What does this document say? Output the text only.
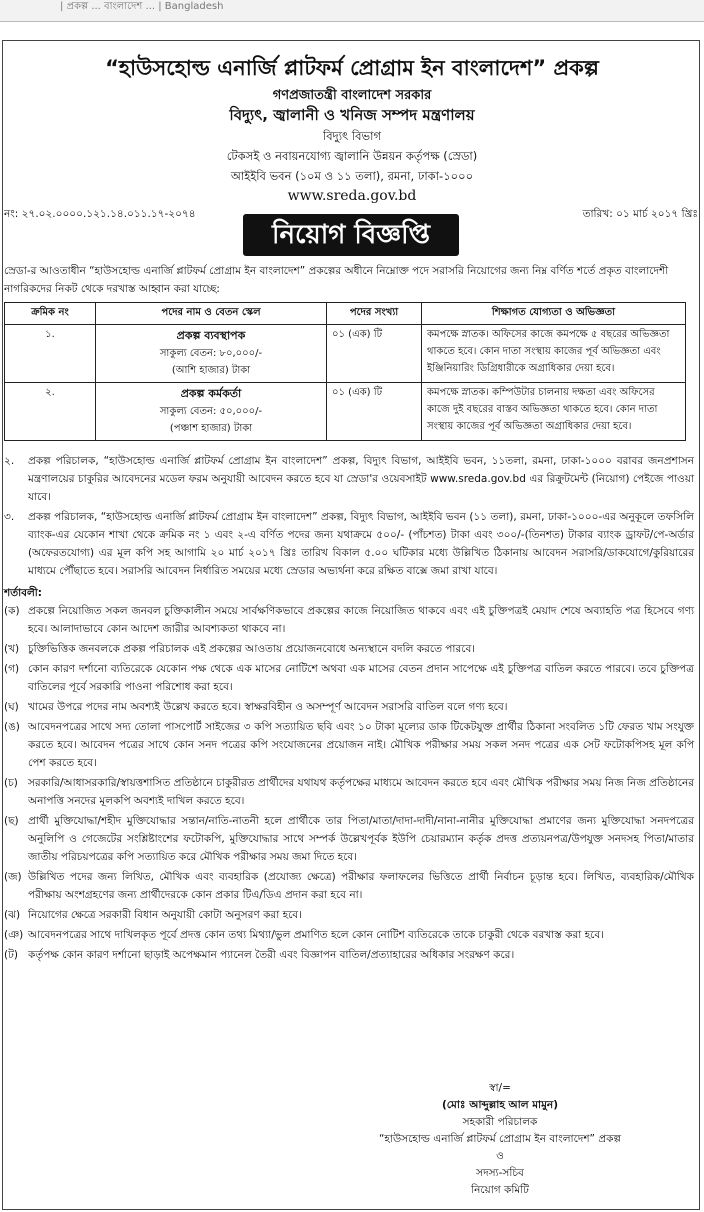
| প্রকল্প ... বাংলাদেশ ... | Bangladesh
“হাউসহোল্ড এনার্জি প্লাটফর্ম প্রোগ্রাম ইন বাংলাদেশ” প্রকল্প
গণপ্রজাতন্ত্রী বাংলাদেশ সরকার
বিদ্যুৎ, জ্বালানী ও খনিজ সম্পদ মন্ত্রণালয়
বিদ্যুৎ বিভাগ
টেকসই ও নবায়নযোগ্য জ্বালানি উন্নয়ন কর্তৃপক্ষ (স্রেডা)
আইইবি ভবন (১০ম ও ১১ তলা), রমনা, ঢাকা-১০০০
www.sreda.gov.bd
নং: ২৭.০২.০০০০.১২১.১৪.০১১.১৭-২০৭৪	তারিখ: ০১ মার্চ ২০১৭ খ্রিঃ
নিয়োগ বিজ্ঞপ্তি
স্রেডা-র আওতাধীন “হাউসহোল্ড এনার্জি প্লাটফর্ম প্রোগ্রাম ইন বাংলাদেশ” প্রকল্পের অধীনে নিম্নোক্ত পদে সরাসরি নিয়োগের জন্য নিম্ন বর্ণিত শর্তে প্রকৃত বাংলাদেশী নাগরিকদের নিকট থেকে দরখাস্ত আহ্বান করা যাচ্ছে:
ক্রমিক নং	পদের নাম ও বেতন স্কেল	পদের সংখ্যা	শিক্ষাগত যোগ্যতা ও অভিজ্ঞতা
১.	প্রকল্প ব্যবস্থাপক
সাকুল্য বেতন: ৮০,০০০/-
(আশি হাজার) টাকা	০১ (এক) টি	কমপক্ষে স্নাতক। অফিসের কাজে কমপক্ষে ৫ বছরের অভিজ্ঞতা থাকতে হবে। কোন দাতা সংস্থায় কাজের পূর্ব অভিজ্ঞতা এবং ইঞ্জিনিয়ারিং ডিগ্রিধারীকে অগ্রাধিকার দেয়া হবে।
২.	প্রকল্প কর্মকর্তা
সাকুল্য বেতন: ৫০,০০০/-
(পঞ্চাশ হাজার) টাকা	০১ (এক) টি	কমপক্ষে স্নাতক। কম্পিউটার চালনায় দক্ষতা এবং অফিসের কাজে দুই বছরের বাস্তব অভিজ্ঞতা থাকতে হবে। কোন দাতা সংস্থায় কাজের পূর্ব অভিজ্ঞতা অগ্রাধিকার দেয়া হবে।
২.	প্রকল্প পরিচালক, “হাউসহোল্ড এনার্জি প্লাটফর্ম প্রোগ্রাম ইন বাংলাদেশ” প্রকল্প, বিদ্যুৎ বিভাগ, আইইবি ভবন, ১১তলা, রমনা, ঢাকা-১০০০ বরাবর জনপ্রশাসন মন্ত্রণালয়ের চাকুরির আবেদনের মডেল ফরম অনুযায়ী আবেদন করতে হবে যা স্রেডা'র ওয়েবসাইট www.sreda.gov.bd এর রিক্রুটমেন্ট (নিয়োগ) পেইজে পাওয়া যাবে।
৩.	প্রকল্প পরিচালক, “হাউসহোল্ড এনার্জি প্লাটফর্ম প্রোগ্রাম ইন বাংলাদেশ” প্রকল্প, বিদ্যুৎ বিভাগ, আইইবি ভবন (১১ তলা), রমনা, ঢাকা-১০০০-এর অনুকূলে তফসিলি ব্যাংক-এর যেকোন শাখা থেকে ক্রমিক নং ১ এবং ২-এ বর্ণিত পদের জন্য যথাক্রমে ৫০০/- (পাঁচশত) টাকা এবং ৩০০/-(তিনশত) টাকার ব্যাংক ড্রাফট/পে-অর্ডার (অফেরতযোগ্য) এর মূল কপি সহ আগামি ২০ মার্চ ২০১৭ খ্রিঃ তারিখ বিকাল ৫.০০ ঘটিকার মধ্যে উল্লিখিত ঠিকানায় আবেদন সরাসরি/ডাকযোগে/কুরিয়ারের মাধ্যমে পৌঁছাতে হবে। সরাসরি আবেদন নির্ধারিত সময়ের মধ্যে স্রেডার অভ্যর্থনা করে রক্ষিত বাক্সে জমা রাখা যাবে।
শর্তাবলী:
(ক) প্রকল্পে নিয়োজিত সকল জনবল চুক্তিকালীন সময়ে সার্বক্ষণিকভাবে প্রকল্পের কাজে নিয়োজিত থাকবে এবং এই চুক্তিপত্রই মেয়াদ শেষে অব্যাহতি পত্র হিসেবে গণ্য হবে। আলাদাভাবে কোন আদেশ জারীর আবশ্যকতা থাকবে না।
(খ) চুক্তিভিত্তিক জনবলকে প্রকল্প পরিচালক এই প্রকল্পের আওতায় প্রয়োজনবোধে অন্যস্থানে বদলি করতে পারবে।
(গ) কোন কারণ দর্শানো ব্যতিরেকে যেকোন পক্ষ থেকে এক মাসের নোটিশে অথবা এক মাসের বেতন প্রদান সাপেক্ষে এই চুক্তিপত্র বাতিল করতে পারবে। তবে চুক্তিপত্র বাতিলের পূর্বে সরকারি পাওনা পরিশোধ করা হবে।
(ঘ) খামের উপরে পদের নাম অবশ্যই উল্লেখ করতে হবে। স্বাক্ষরবিহীন ও অসম্পূর্ণ আবেদন সরাসরি বাতিল বলে গণ্য হবে।
(ঙ) আবেদনপত্রের সাথে সদ্য তোলা পাসপোর্ট সাইজের ৩ কপি সত্যায়িত ছবি এবং ১০ টাকা মূল্যের ডাক টিকেটযুক্ত প্রার্থীর ঠিকানা সংবলিত ১টি ফেরত খাম সংযুক্ত করতে হবে। আবেদন পত্রের সাথে কোন সনদ পত্রের কপি সংযোজনের প্রয়োজন নাই। মৌখিক পরীক্ষার সময় সকল সনদ পত্রের এক সেট ফটোকপিসহ মূল কপি পেশ করতে হবে।
(চ) সরকারি/আধাসরকারি/স্বায়ত্তশাসিত প্রতিষ্ঠানে চাকুরীরত প্রার্থীদের যথাযথ কর্তৃপক্ষের মাধ্যমে আবেদন করতে হবে এবং মৌখিক পরীক্ষার সময় নিজ নিজ প্রতিষ্ঠানের অনাপত্তি সনদের মূলকপি অবশ্যই দাখিল করতে হবে।
(ছ) প্রার্থী মুক্তিযোদ্ধা/শহীদ মুক্তিযোদ্ধার সন্তান/নাতি-নাতনী হলে প্রার্থীকে তার পিতা/মাতা/দাদা-দাদী/নানা-নানীর মুক্তিযোদ্ধা প্রমাণের জন্য মুক্তিযোদ্ধা সনদপত্রের অনুলিপি ও গেজেটের সংশ্লিষ্টাংশের ফটোকপি, মুক্তিযোদ্ধার সাথে সম্পর্ক উল্লেখপূর্বক ইউপি চেয়ারম্যান কর্তৃক প্রদত্ত প্রত্যয়নপত্র/উপযুক্ত সনদসহ পিতা/মাতার জাতীয় পরিচয়পত্রের কপি সত্যায়িত করে মৌখিক পরীক্ষার সময় জমা দিতে হবে।
(জ) উল্লিখিত পদের জন্য লিখিত, মৌখিক এবং ব্যবহারিক (প্রযোজ্য ক্ষেত্রে) পরীক্ষার ফলাফলের ভিত্তিতে প্রার্থী নির্বাচন চূড়ান্ত হবে। লিখিত, ব্যবহারিক/মৌখিক পরীক্ষায় অংশগ্রহণের জন্য প্রার্থীদেরকে কোন প্রকার টিএ/ডিএ প্রদান করা হবে না।
(ঝ) নিয়োগের ক্ষেত্রে সরকারী বিধান অনুযায়ী কোটা অনুসরণ করা হবে।
(ঞ) আবেদনপত্রের সাথে দাখিলকৃত পূর্বে প্রদত্ত কোন তথ্য মিথ্যা/ভুল প্রমাণিত হলে কোন নোটিশ ব্যতিরেকে তাকে চাকুরী থেকে বরখাস্ত করা হবে।
(ট) কর্তৃপক্ষ কোন কারণ দর্শানো ছাড়াই অপেক্ষমান প্যানেল তৈরী এবং বিজ্ঞাপন বাতিল/প্রত্যাহারের অধিকার সংরক্ষণ করে।
স্বা/=
(মোঃ আব্দুল্লাহ আল মামুন)
সহকারী পরিচালক
“হাউসহোল্ড এনার্জি প্লাটফর্ম প্রোগ্রাম ইন বাংলাদেশ” প্রকল্প
ও
সদস্য-সচিব
নিয়োগ কমিটি
